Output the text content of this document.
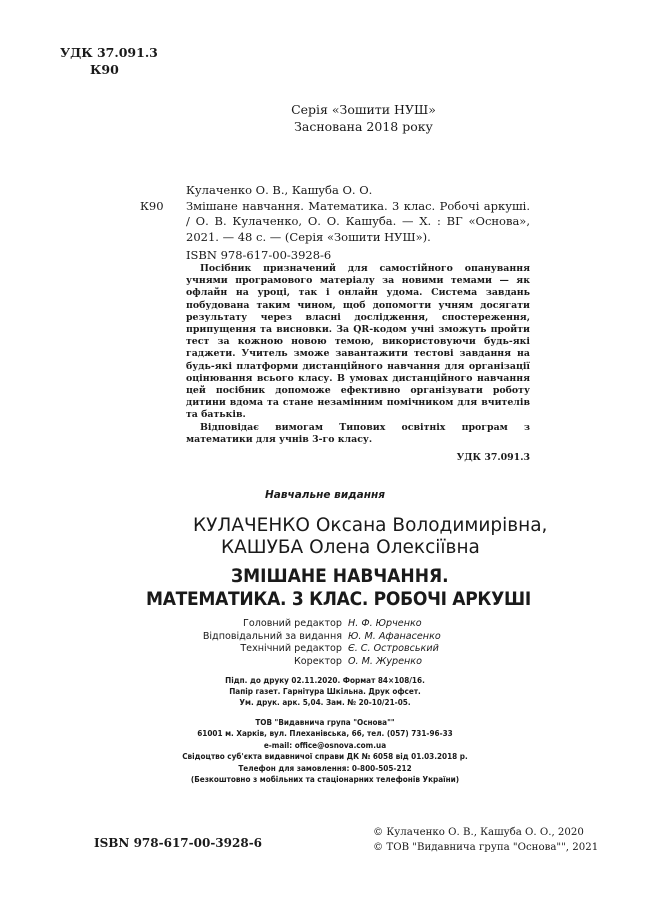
УДК 37.091.3
К90
Серія «Зошити НУШ»
Заснована 2018 року
Кулаченко О. В., Кашуба О. О.
К90 Змішане навчання. Математика. 3 клас. Робочі аркуші. / О. В. Кулаченко, О. О. Кашуба. — Х. : ВГ «Основа», 2021. — 48 с. — (Серія «Зошити НУШ»).
ISBN 978-617-00-3928-6

Посібник призначений для самостійного опанування учнями програмового матеріалу за новими темами — як офлайн на уроці, так і онлайн удома. Система завдань побудована таким чином, щоб допомогти учням досягати результату через власні дослідження, спостереження, припущення та висновки. За QR-кодом учні зможуть пройти тест за кожною новою темою, використовуючи будь-які гаджети. Учитель зможе завантажити тестові завдання на будь-які платформи дистанційного навчання для організації оцінювання всього класу. В умовах дистанційного навчання цей посібник допоможе ефективно організувати роботу дитини вдома та стане незамінним помічником для вчителів та батьків.

Відповідає вимогам Типових освітніх програм з математики для учнів 3-го класу.

УДК 37.091.3
Навчальне видання
КУЛАЧЕНКО Оксана Володимирівна,
КАШУБА Олена Олексіївна
ЗМІШАНЕ НАВЧАННЯ.
МАТЕМАТИКА. 3 КЛАС. РОБОЧІ АРКУШІ
Головний редактор Н. Ф. Юрченко
Відповідальний за видання Ю. М. Афанасенко
Технічний редактор Є. С. Островський
Коректор О. М. Журенко
Підп. до друку 02.11.2020. Формат 84×108/16.
Папір газет. Гарнітура Шкільна. Друк офсет.
Ум. друк. арк. 5,04. Зам. № 20-10/21-05.
ТОВ "Видавнича група "Основа""
61001 м. Харків, вул. Плеханівська, 66, тел. (057) 731-96-33
e-mail: office@osnova.com.ua
Свідоцтво суб'єкта видавничої справи ДК № 6058 від 01.03.2018 р.
Телефон для замовлення: 0-800-505-212
(Безкоштовно з мобільних та стаціонарних телефонів України)
ISBN 978-617-00-3928-6
© Кулаченко О. В., Кашуба О. О., 2020
© ТОВ "Видавнича група "Основа"", 2021
